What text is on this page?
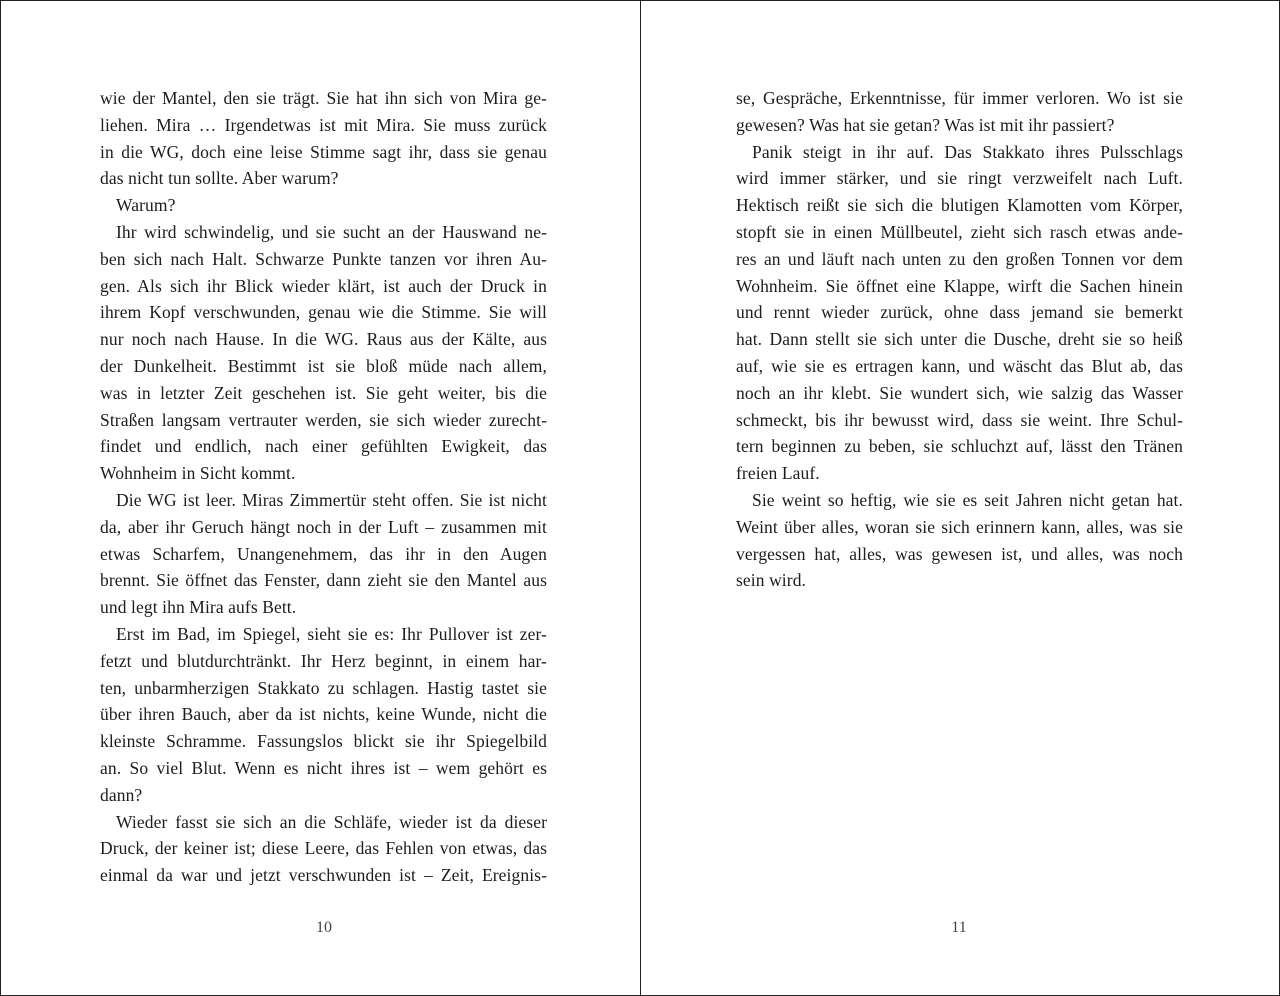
wie der Mantel, den sie trägt. Sie hat ihn sich von Mira ge-
liehen. Mira … Irgendetwas ist mit Mira. Sie muss zurück
in die WG, doch eine leise Stimme sagt ihr, dass sie genau
das nicht tun sollte. Aber warum?
Warum?
Ihr wird schwindelig, und sie sucht an der Hauswand ne-
ben sich nach Halt. Schwarze Punkte tanzen vor ihren Au-
gen. Als sich ihr Blick wieder klärt, ist auch der Druck in
ihrem Kopf verschwunden, genau wie die Stimme. Sie will
nur noch nach Hause. In die WG. Raus aus der Kälte, aus
der Dunkelheit. Bestimmt ist sie bloß müde nach allem,
was in letzter Zeit geschehen ist. Sie geht weiter, bis die
Straßen langsam vertrauter werden, sie sich wieder zurecht-
findet und endlich, nach einer gefühlten Ewigkeit, das
Wohnheim in Sicht kommt.
Die WG ist leer. Miras Zimmertür steht offen. Sie ist nicht
da, aber ihr Geruch hängt noch in der Luft – zusammen mit
etwas Scharfem, Unangenehmem, das ihr in den Augen
brennt. Sie öffnet das Fenster, dann zieht sie den Mantel aus
und legt ihn Mira aufs Bett.
Erst im Bad, im Spiegel, sieht sie es: Ihr Pullover ist zer-
fetzt und blutdurchtränkt. Ihr Herz beginnt, in einem har-
ten, unbarmherzigen Stakkato zu schlagen. Hastig tastet sie
über ihren Bauch, aber da ist nichts, keine Wunde, nicht die
kleinste Schramme. Fassungslos blickt sie ihr Spiegelbild
an. So viel Blut. Wenn es nicht ihres ist – wem gehört es
dann?
Wieder fasst sie sich an die Schläfe, wieder ist da dieser
Druck, der keiner ist; diese Leere, das Fehlen von etwas, das
einmal da war und jetzt verschwunden ist – Zeit, Ereignis-
10
se, Gespräche, Erkenntnisse, für immer verloren. Wo ist sie
gewesen? Was hat sie getan? Was ist mit ihr passiert?
Panik steigt in ihr auf. Das Stakkato ihres Pulsschlags
wird immer stärker, und sie ringt verzweifelt nach Luft.
Hektisch reißt sie sich die blutigen Klamotten vom Körper,
stopft sie in einen Müllbeutel, zieht sich rasch etwas ande-
res an und läuft nach unten zu den großen Tonnen vor dem
Wohnheim. Sie öffnet eine Klappe, wirft die Sachen hinein
und rennt wieder zurück, ohne dass jemand sie bemerkt
hat. Dann stellt sie sich unter die Dusche, dreht sie so heiß
auf, wie sie es ertragen kann, und wäscht das Blut ab, das
noch an ihr klebt. Sie wundert sich, wie salzig das Wasser
schmeckt, bis ihr bewusst wird, dass sie weint. Ihre Schul-
tern beginnen zu beben, sie schluchzt auf, lässt den Tränen
freien Lauf.
Sie weint so heftig, wie sie es seit Jahren nicht getan hat.
Weint über alles, woran sie sich erinnern kann, alles, was sie
vergessen hat, alles, was gewesen ist, und alles, was noch
sein wird.
11
